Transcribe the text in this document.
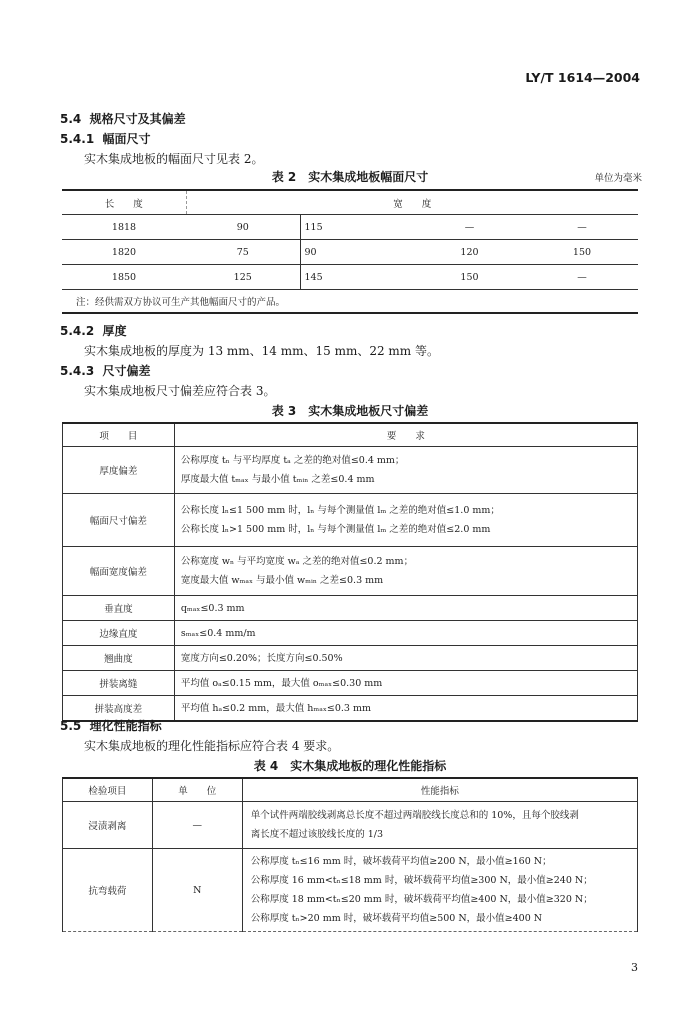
LY/T 1614—2004
5.4 规格尺寸及其偏差
5.4.1 幅面尺寸
实木集成地板的幅面尺寸见表 2。
表 2　实木集成地板幅面尺寸	单位为毫米
长　　度	宽　　度			
1818	90	115	—	—
1820	75	90	120	150
1850	125	145	150	—
注：经供需双方协议可生产其他幅面尺寸的产品。				
5.4.2 厚度
实木集成地板的厚度为 13 mm、14 mm、15 mm、22 mm 等。
5.4.3 尺寸偏差
实木集成地板尺寸偏差应符合表 3。
表 3　实木集成地板尺寸偏差
项　　目	要　　求
厚度偏差	公称厚度 tₙ 与平均厚度 tₐ 之差的绝对值≤0.4 mm；
厚度最大值 tₘₐₓ 与最小值 tₘᵢₙ 之差≤0.4 mm

幅面尺寸偏差	公称长度 lₙ≤1 500 mm 时，lₙ 与每个测量值 lₘ 之差的绝对值≤1.0 mm；
公称长度 lₙ>1 500 mm 时，lₙ 与每个测量值 lₘ 之差的绝对值≤2.0 mm

幅面宽度偏差	公称宽度 wₙ 与平均宽度 wₐ 之差的绝对值≤0.2 mm；
宽度最大值 wₘₐₓ 与最小值 wₘᵢₙ 之差≤0.3 mm

垂直度	qₘₐₓ≤0.3 mm
边缘直度	sₘₐₓ≤0.4 mm/m
翘曲度	宽度方向≤0.20%；长度方向≤0.50%
拼装离缝	平均值 oₐ≤0.15 mm，最大值 oₘₐₓ≤0.30 mm
拼装高度差	平均值 hₐ≤0.2 mm，最大值 hₘₐₓ≤0.3 mm
5.5 理化性能指标
实木集成地板的理化性能指标应符合表 4 要求。
表 4　实木集成地板的理化性能指标
检验项目	单　　位	性能指标
浸渍剥离	—	单个试件两端胶线剥离总长度不超过两端胶线长度总和的 10%，且每个胶线剥
离长度不超过该胶线长度的 1/3

抗弯载荷	N	公称厚度 tₙ≤16 mm 时，破坏载荷平均值≥200 N，最小值≥160 N；
公称厚度 16 mm<tₙ≤18 mm 时，破坏载荷平均值≥300 N，最小值≥240 N；
公称厚度 18 mm<tₙ≤20 mm 时，破坏载荷平均值≥400 N，最小值≥320 N；
公称厚度 tₙ>20 mm 时，破坏载荷平均值≥500 N，最小值≥400 N
3
